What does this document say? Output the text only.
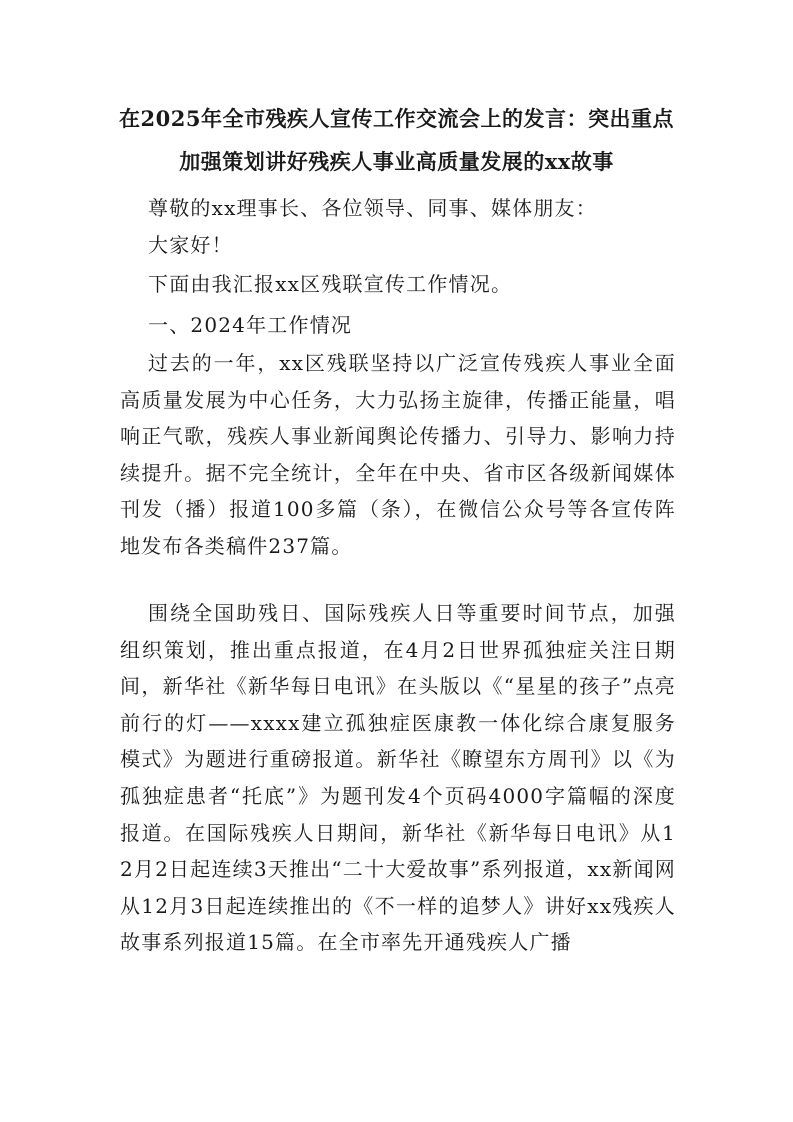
在2025年全市残疾人宣传工作交流会上的发言：突出重点
加强策划讲好残疾人事业高质量发展的xx故事

尊敬的xx理事长、各位领导、同事、媒体朋友：

大家好！

下面由我汇报xx区残联宣传工作情况。

一、2024年工作情况

过去的一年，xx区残联坚持以广泛宣传残疾人事业全面高质量发展为中心任务，大力弘扬主旋律，传播正能量，唱响正气歌，残疾人事业新闻舆论传播力、引导力、影响力持续提升。据不完全统计，全年在中央、省市区各级新闻媒体刊发（播）报道100多篇（条），在微信公众号等各宣传阵地发布各类稿件237篇。

围绕全国助残日、国际残疾人日等重要时间节点，加强组织策划，推出重点报道，在4月2日世界孤独症关注日期间，新华社《新华每日电讯》在头版以《“星星的孩子”点亮前行的灯——xxxx建立孤独症医康教一体化综合康复服务模式》为题进行重磅报道。新华社《瞭望东方周刊》以《为孤独症患者“托底”》为题刊发4个页码4000字篇幅的深度报道。在国际残疾人日期间，新华社《新华每日电讯》从12月2日起连续3天推出“二十大爱故事”系列报道，xx新闻网从12月3日起连续推出的《不一样的追梦人》讲好xx残疾人故事系列报道15篇。在全市率先开通残疾人广播
